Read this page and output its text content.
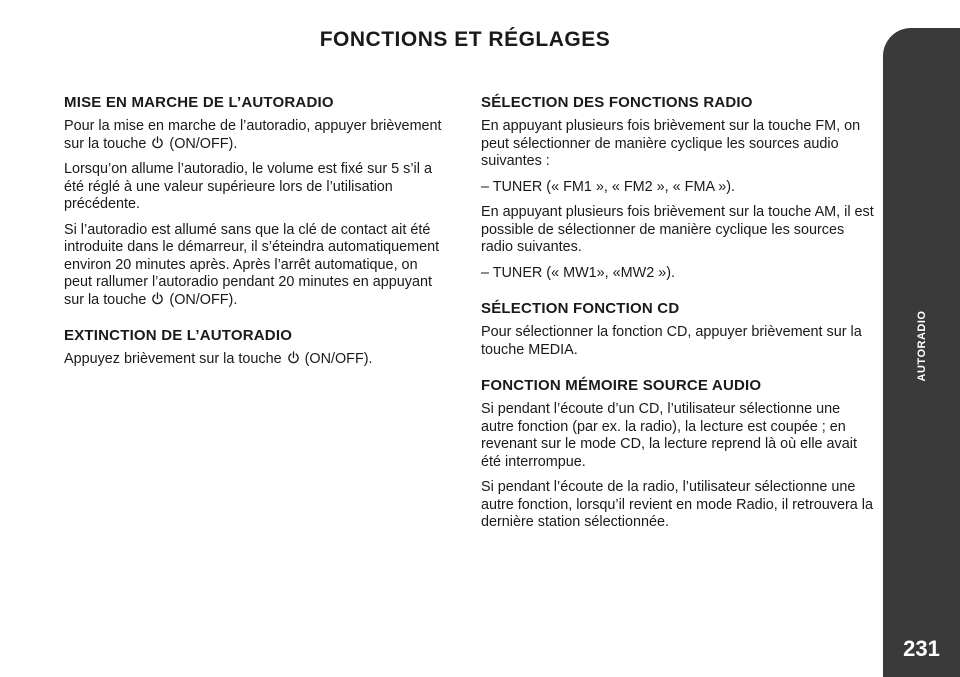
FONCTIONS ET RÉGLAGES
MISE EN MARCHE DE L’AUTORADIO

Pour la mise en marche de l’autoradio, appuyer brièvement sur la touche  (ON/OFF).

Lorsqu’on allume l’autoradio, le volume est fixé sur 5 s’il a été réglé à une valeur supérieure lors de l’utilisation précédente.

Si l’autoradio est allumé sans que la clé de contact ait été introduite dans le démarreur, il s’éteindra automatiquement environ 20 minutes après. Après l’arrêt automatique, on peut rallumer l’autoradio pendant 20 minutes en appuyant sur la touche  (ON/OFF).

EXTINCTION DE L’AUTORADIO

Appuyez brièvement sur la touche  (ON/OFF).

SÉLECTION DES FONCTIONS RADIO

En appuyant plusieurs fois brièvement sur la touche FM, on peut sélectionner de manière cyclique les sources audio suivantes :

– TUNER (« FM1 », « FM2 », « FMA »).

En appuyant plusieurs fois brièvement sur la touche AM, il est possible de sélectionner de manière cyclique les sources radio suivantes.

– TUNER (« MW1», «MW2 »).

SÉLECTION FONCTION CD

Pour sélectionner la fonction CD, appuyer brièvement sur la touche MEDIA.

FONCTION MÉMOIRE SOURCE AUDIO

Si pendant l’écoute d’un CD, l’utilisateur sélectionne une autre fonction (par ex. la radio), la lecture est coupée ; en revenant sur le mode CD, la lecture reprend là où elle avait été interrompue.

Si pendant l’écoute de la radio, l’utilisateur sélectionne une autre fonction, lorsqu’il revient en mode Radio, il retrouvera la dernière station sélectionnée.

AUTORADIO
231
